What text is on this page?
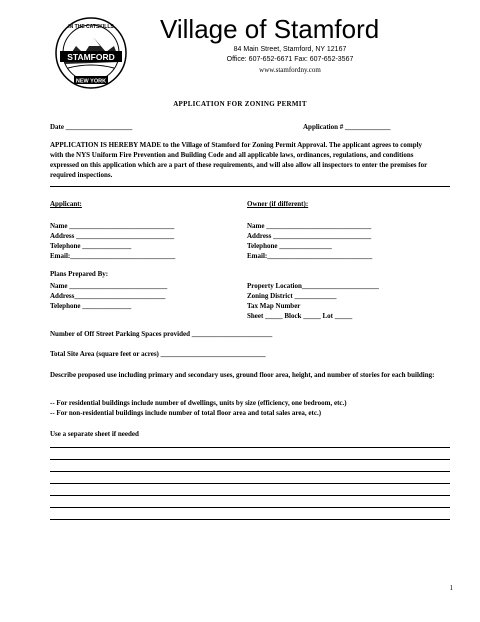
STAMFORD
IN THE CATSKILLS
NEW YORK
Village of Stamford
84 Main Street, Stamford, NY 12167
Office: 607-652-6671 Fax: 607-652-3567
www.stamfordny.com
APPLICATION FOR ZONING PERMIT
Date ___________________	Application # _____________
APPLICATION IS HEREBY MADE to the Village of Stamford for Zoning Permit Approval. The applicant agrees to comply with the NYS Uniform Fire Prevention and Building Code and all applicable laws, ordinances, regulations, and conditions expressed on this application which are a part of these requirements, and will also allow all inspectors to enter the premises for required inspections.
Applicant:
Name ______________________________
Address ____________________________
Telephone ______________
Email:______________________________
Owner (if different):
Name ______________________________
Address ____________________________
Telephone _______________
Email:______________________________
Plans Prepared By:
Name ____________________________
Address__________________________
Telephone ______________
Property Location______________________
Zoning District ____________
Tax Map Number
Sheet _____ Block _____ Lot _____
Number of Off Street Parking Spaces provided _______________________
Total Site Area (square feet or acres) ______________________________
Describe proposed use including primary and secondary uses, ground floor area, height, and number of stories for each building:
-- For residential buildings include number of dwellings, units by size (efficiency, one bedroom, etc.)
-- For non-residential buildings include number of total floor area and total sales area, etc.)
Use a separate sheet if needed
1
